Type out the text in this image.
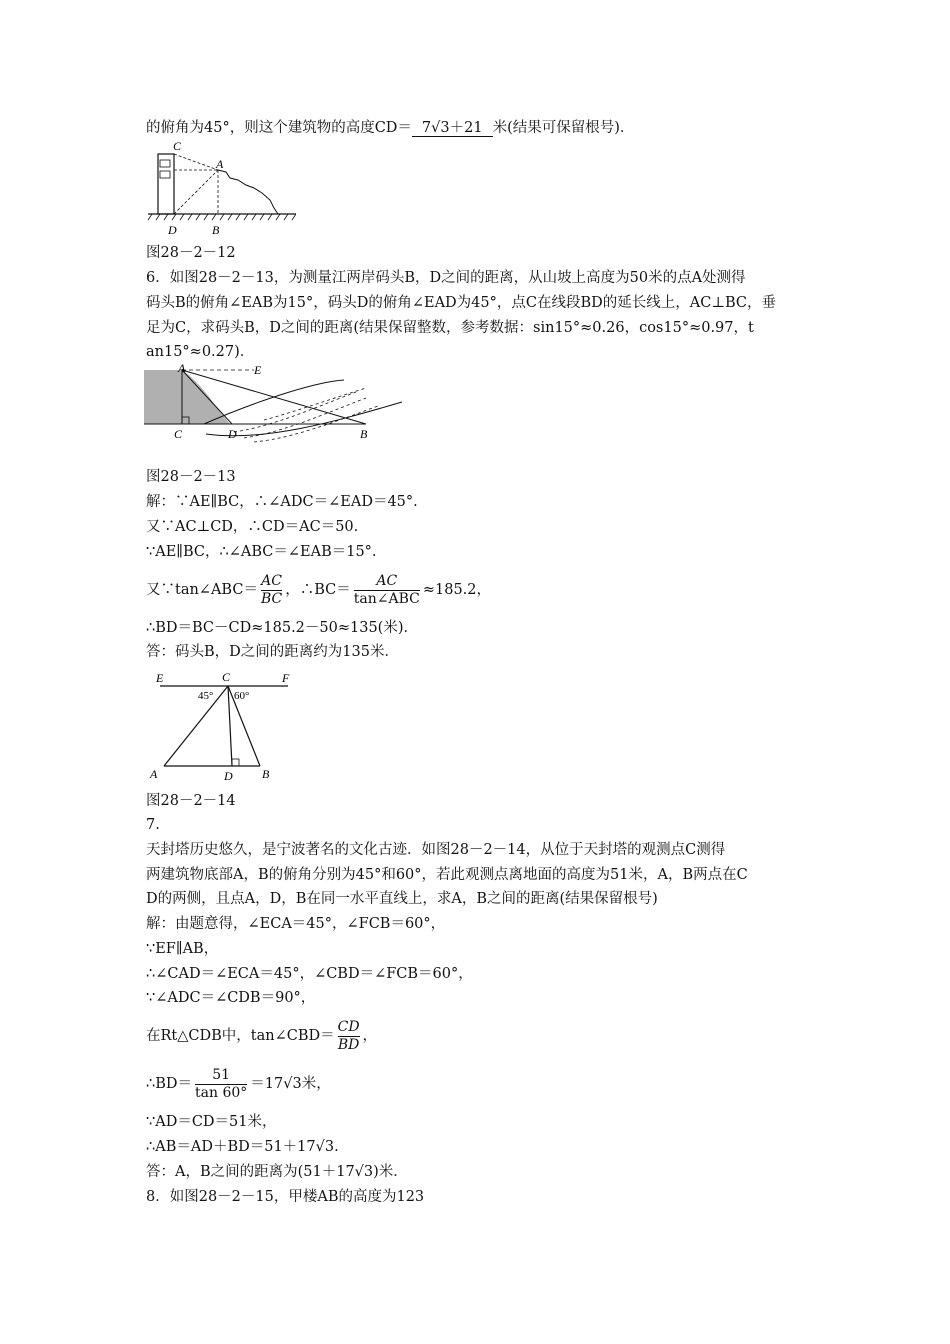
的俯角为45°，则这个建筑物的高度CD＝ 7√3＋21 米(结果可保留根号)．
C
A
D	B
图28－2－12
6．如图28－2－13，为测量江两岸码头B，D之间的距离，从山坡上高度为50米的点A处测得
码头B的俯角∠EAB为15°，码头D的俯角∠EAD为45°，点C在线段BD的延长线上，AC⊥BC，垂
足为C，求码头B，D之间的距离(结果保留整数，参考数据：sin15°≈0.26，cos15°≈0.97，t
an15°≈0.27)．
A	E
C	D	B
图28－2－13
解：∵AE∥BC，∴∠ADC＝∠EAD＝45°.
又∵AC⊥CD，∴CD＝AC＝50.
∵AE∥BC，∴∠ABC＝∠EAB＝15°.
又∵tan∠ABC＝ $\frac{AC}{BC}$ ，∴BC＝ $\frac{AC}{\text{tan∠ABC}} \approx 185.2$，
∴BD＝BC－CD≈185.2－50≈135(米)．
答：码头B，D之间的距离约为135米．
E	C	F
45° 60°
A	D B
图28－2－14
7.
天封塔历史悠久，是宁波著名的文化古迹．如图28－2－14，从位于天封塔的观测点C测得
两建筑物底部A，B的俯角分别为45°和60°，若此观测点离地面的高度为51米，A，B两点在C
D的两侧，且点A，D，B在同一水平直线上，求A，B之间的距离(结果保留根号)
解：由题意得，∠ECA＝45°，∠FCB＝60°，
∵EF∥AB，
∴∠CAD＝∠ECA＝45°，∠CBD＝∠FCB＝60°，
∵∠ADC＝∠CDB＝90°，
在Rt△CDB中，tan∠CBD＝ $\frac{CD}{BD}$ ，
∴BD＝ $\frac{51}{\tan 60^\circ} =17√3$米，
∵AD＝CD＝51米，
∴AB＝AD＋BD＝51＋17√3.
答：A，B之间的距离为(51＋17√3)米．
8．如图28－2－15，甲楼AB的高度为123
